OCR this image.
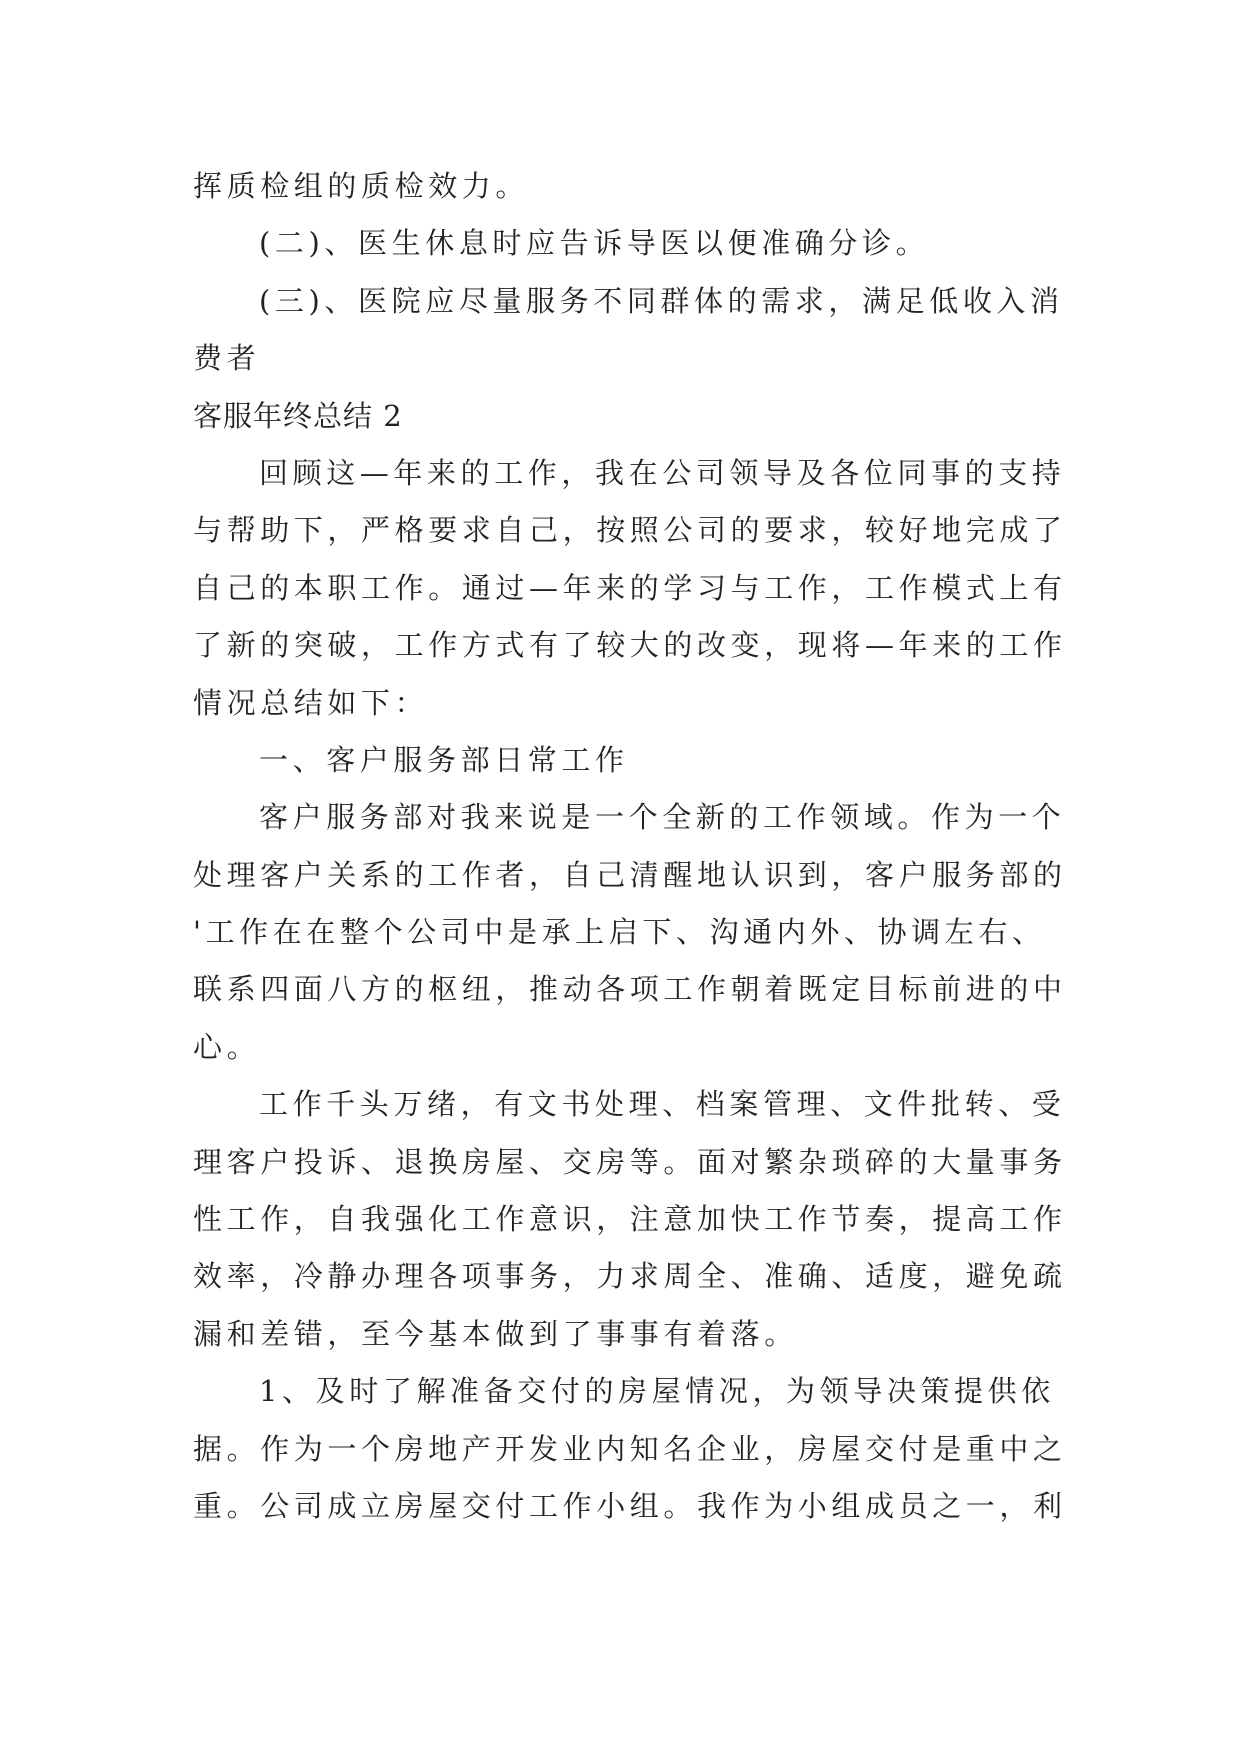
挥质检组的质检效力。
(二)、医生休息时应告诉导医以便准确分诊。
(三)、医院应尽量服务不同群体的需求，满足低收入消
费者
客服年终总结 2
回顾这—年来的工作，我在公司领导及各位同事的支持
与帮助下，严格要求自己，按照公司的要求，较好地完成了
自己的本职工作。通过—年来的学习与工作，工作模式上有
了新的突破，工作方式有了较大的改变，现将—年来的工作
情况总结如下：
一、客户服务部日常工作
客户服务部对我来说是一个全新的工作领域。作为一个
处理客户关系的工作者，自己清醒地认识到，客户服务部的
'工作在在整个公司中是承上启下、沟通内外、协调左右、
联系四面八方的枢纽，推动各项工作朝着既定目标前进的中
心。
工作千头万绪，有文书处理、档案管理、文件批转、受
理客户投诉、退换房屋、交房等。面对繁杂琐碎的大量事务
性工作，自我强化工作意识，注意加快工作节奏，提高工作
效率，冷静办理各项事务，力求周全、准确、适度，避免疏
漏和差错，至今基本做到了事事有着落。
1、及时了解准备交付的房屋情况，为领导决策提供依
据。作为一个房地产开发业内知名企业，房屋交付是重中之
重。公司成立房屋交付工作小组。我作为小组成员之一，利
